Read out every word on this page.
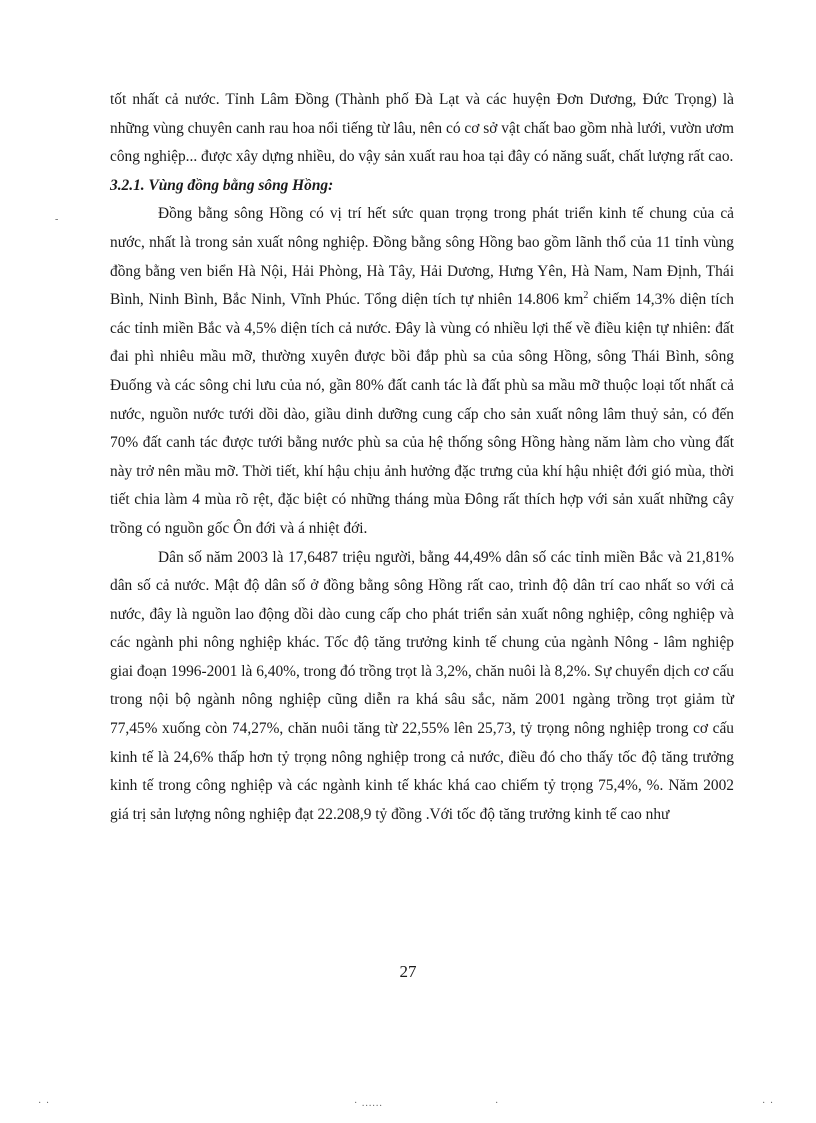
tốt nhất cả nước. Tỉnh Lâm Đồng (Thành phố Đà Lạt và các huyện Đơn Dương, Đức Trọng) là những vùng chuyên canh rau hoa nổi tiếng từ lâu, nên có cơ sở vật chất bao gồm nhà lưới, vườn ươm công nghiệp... được xây dựng nhiều, do vậy sản xuất rau hoa tại đây có năng suất, chất lượng rất cao.

3.2.1. Vùng đồng bằng sông Hồng:

Đồng bằng sông Hồng có vị trí hết sức quan trọng trong phát triển kinh tế chung của cả nước, nhất là trong sản xuất nông nghiệp. Đồng bằng sông Hồng bao gồm lãnh thổ của 11 tỉnh vùng đồng bằng ven biển Hà Nội, Hải Phòng, Hà Tây, Hải Dương, Hưng Yên, Hà Nam, Nam Định, Thái Bình, Ninh Bình, Bắc Ninh, Vĩnh Phúc. Tổng diện tích tự nhiên 14.806 $km^2$ chiếm 14,3% diện tích các tỉnh miền Bắc và 4,5% diện tích cả nước. Đây là vùng có nhiều lợi thế về điều kiện tự nhiên: đất đai phì nhiêu mầu mỡ, thường xuyên được bồi đắp phù sa của sông Hồng, sông Thái Bình, sông Đuống và các sông chi lưu của nó, gần 80% đất canh tác là đất phù sa mầu mỡ thuộc loại tốt nhất cả nước, nguồn nước tưới dồi dào, giầu dinh dưỡng cung cấp cho sản xuất nông lâm thuỷ sản, có đến 70% đất canh tác được tưới bằng nước phù sa của hệ thống sông Hồng hàng năm làm cho vùng đất này trở nên mầu mỡ. Thời tiết, khí hậu chịu ảnh hưởng đặc trưng của khí hậu nhiệt đới gió mùa, thời tiết chia làm 4 mùa rõ rệt, đặc biệt có những tháng mùa Đông rất thích hợp với sản xuất những cây trồng có nguồn gốc Ôn đới và á nhiệt đới.

Dân số năm 2003 là 17,6487 triệu người, bằng 44,49% dân số các tỉnh miền Bắc và 21,81% dân số cả nước. Mật độ dân số ở đồng bằng sông Hồng rất cao, trình độ dân trí cao nhất so với cả nước, đây là nguồn lao động dồi dào cung cấp cho phát triển sản xuất nông nghiệp, công nghiệp và các ngành phi nông nghiệp khác. Tốc độ tăng trưởng kinh tế chung của ngành Nông - lâm nghiệp giai đoạn 1996-2001 là 6,40%, trong đó trồng trọt là 3,2%, chăn nuôi là 8,2%. Sự chuyển dịch cơ cấu trong nội bộ ngành nông nghiệp cũng diễn ra khá sâu sắc, năm 2001 ngàng trồng trọt giảm từ 77,45% xuống còn 74,27%, chăn nuôi tăng từ 22,55% lên 25,73, tỷ trọng nông nghiệp trong cơ cấu kinh tế là 24,6% thấp hơn tỷ trọng nông nghiệp trong cả nước, điều đó cho thấy tốc độ tăng trưởng kinh tế trong công nghiệp và các ngành kinh tế khác khá cao chiếm tỷ trọng 75,4%, %. Năm 2002 giá trị sản lượng nông nghiệp đạt 22.208,9 tỷ đồng .Với tốc độ tăng trưởng kinh tế cao như

27
-
· ·	· ......	·	· ·
